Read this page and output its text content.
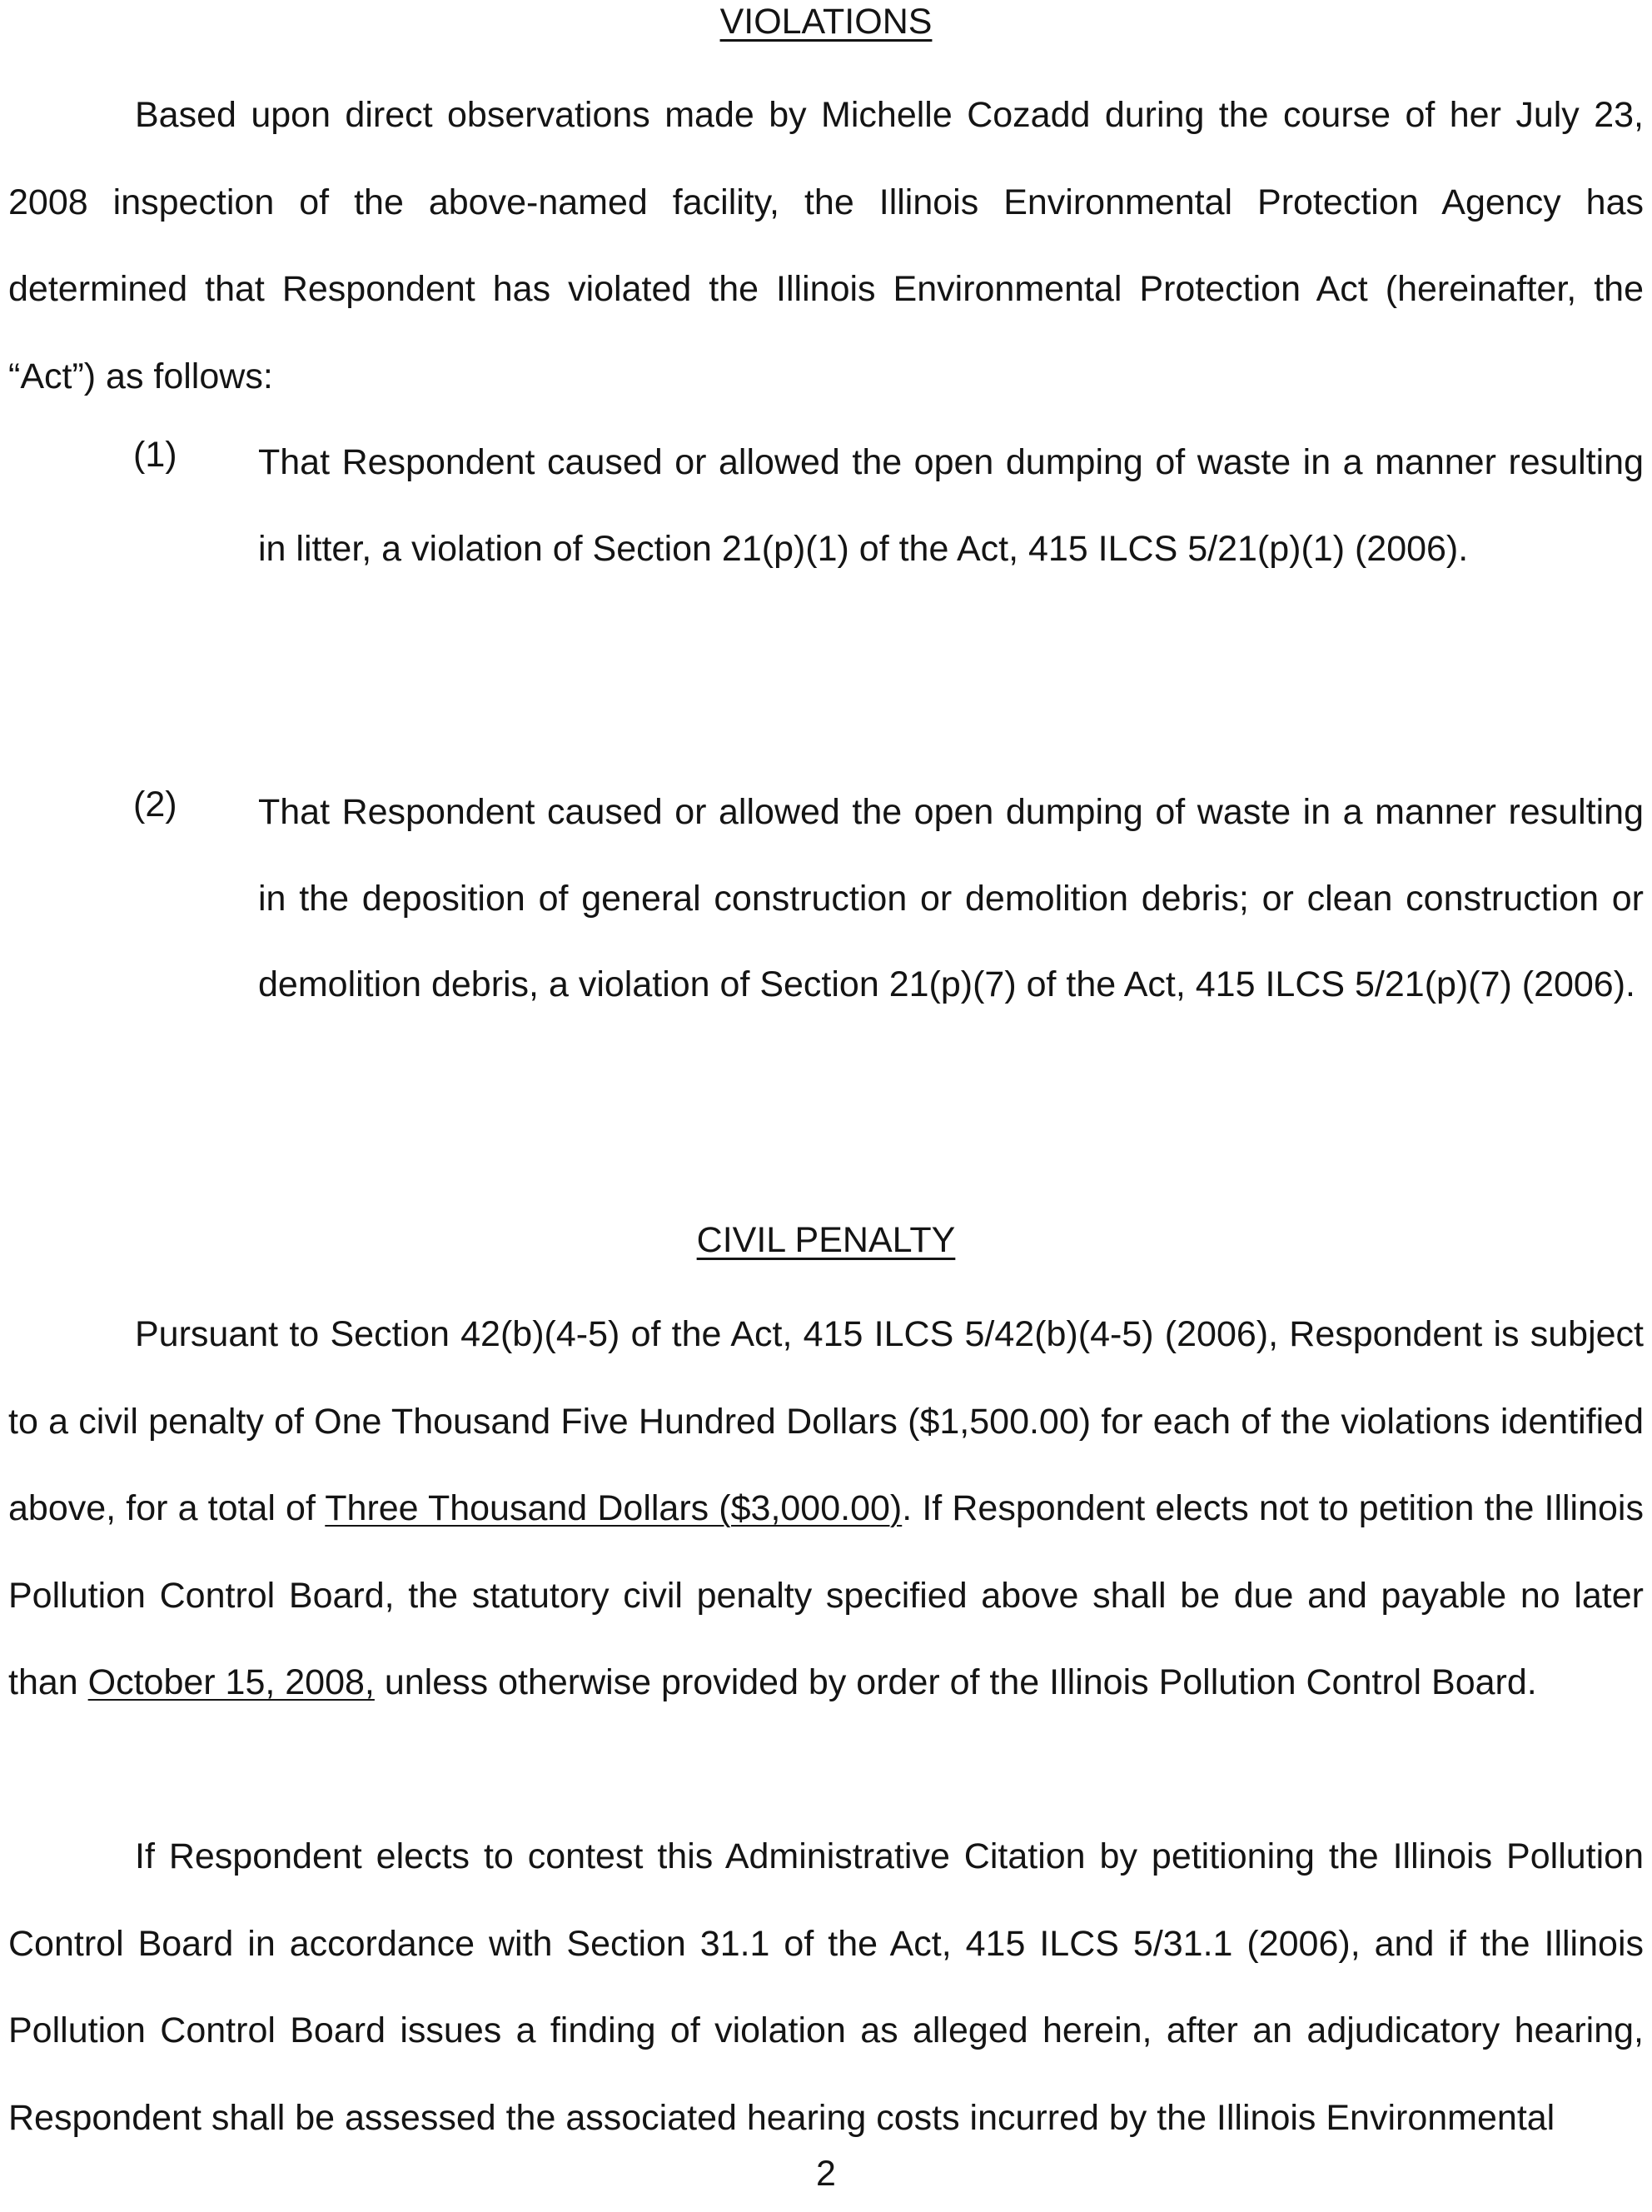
VIOLATIONS

Based upon direct observations made by Michelle Cozadd during the course of her July 23, 2008 inspection of the above-named facility, the Illinois Environmental Protection Agency has determined that Respondent has violated the Illinois Environmental Protection Act (hereinafter, the “Act”) as follows:

(1) That Respondent caused or allowed the open dumping of waste in a manner resulting in litter, a violation of Section 21(p)(1) of the Act, 415 ILCS 5/21(p)(1) (2006).

(2) That Respondent caused or allowed the open dumping of waste in a manner resulting in the deposition of general construction or demolition debris; or clean construction or demolition debris, a violation of Section 21(p)(7) of the Act, 415 ILCS 5/21(p)(7) (2006).

CIVIL PENALTY

Pursuant to Section 42(b)(4-5) of the Act, 415 ILCS 5/42(b)(4-5) (2006), Respondent is subject to a civil penalty of One Thousand Five Hundred Dollars ($1,500.00) for each of the violations identified above, for a total of Three Thousand Dollars ($3,000.00). If Respondent elects not to petition the Illinois Pollution Control Board, the statutory civil penalty specified above shall be due and payable no later than October 15, 2008, unless otherwise provided by order of the Illinois Pollution Control Board.

If Respondent elects to contest this Administrative Citation by petitioning the Illinois Pollution Control Board in accordance with Section 31.1 of the Act, 415 ILCS 5/31.1 (2006), and if the Illinois Pollution Control Board issues a finding of violation as alleged herein, after an adjudicatory hearing, Respondent shall be assessed the associated hearing costs incurred by the Illinois Environmental

2
